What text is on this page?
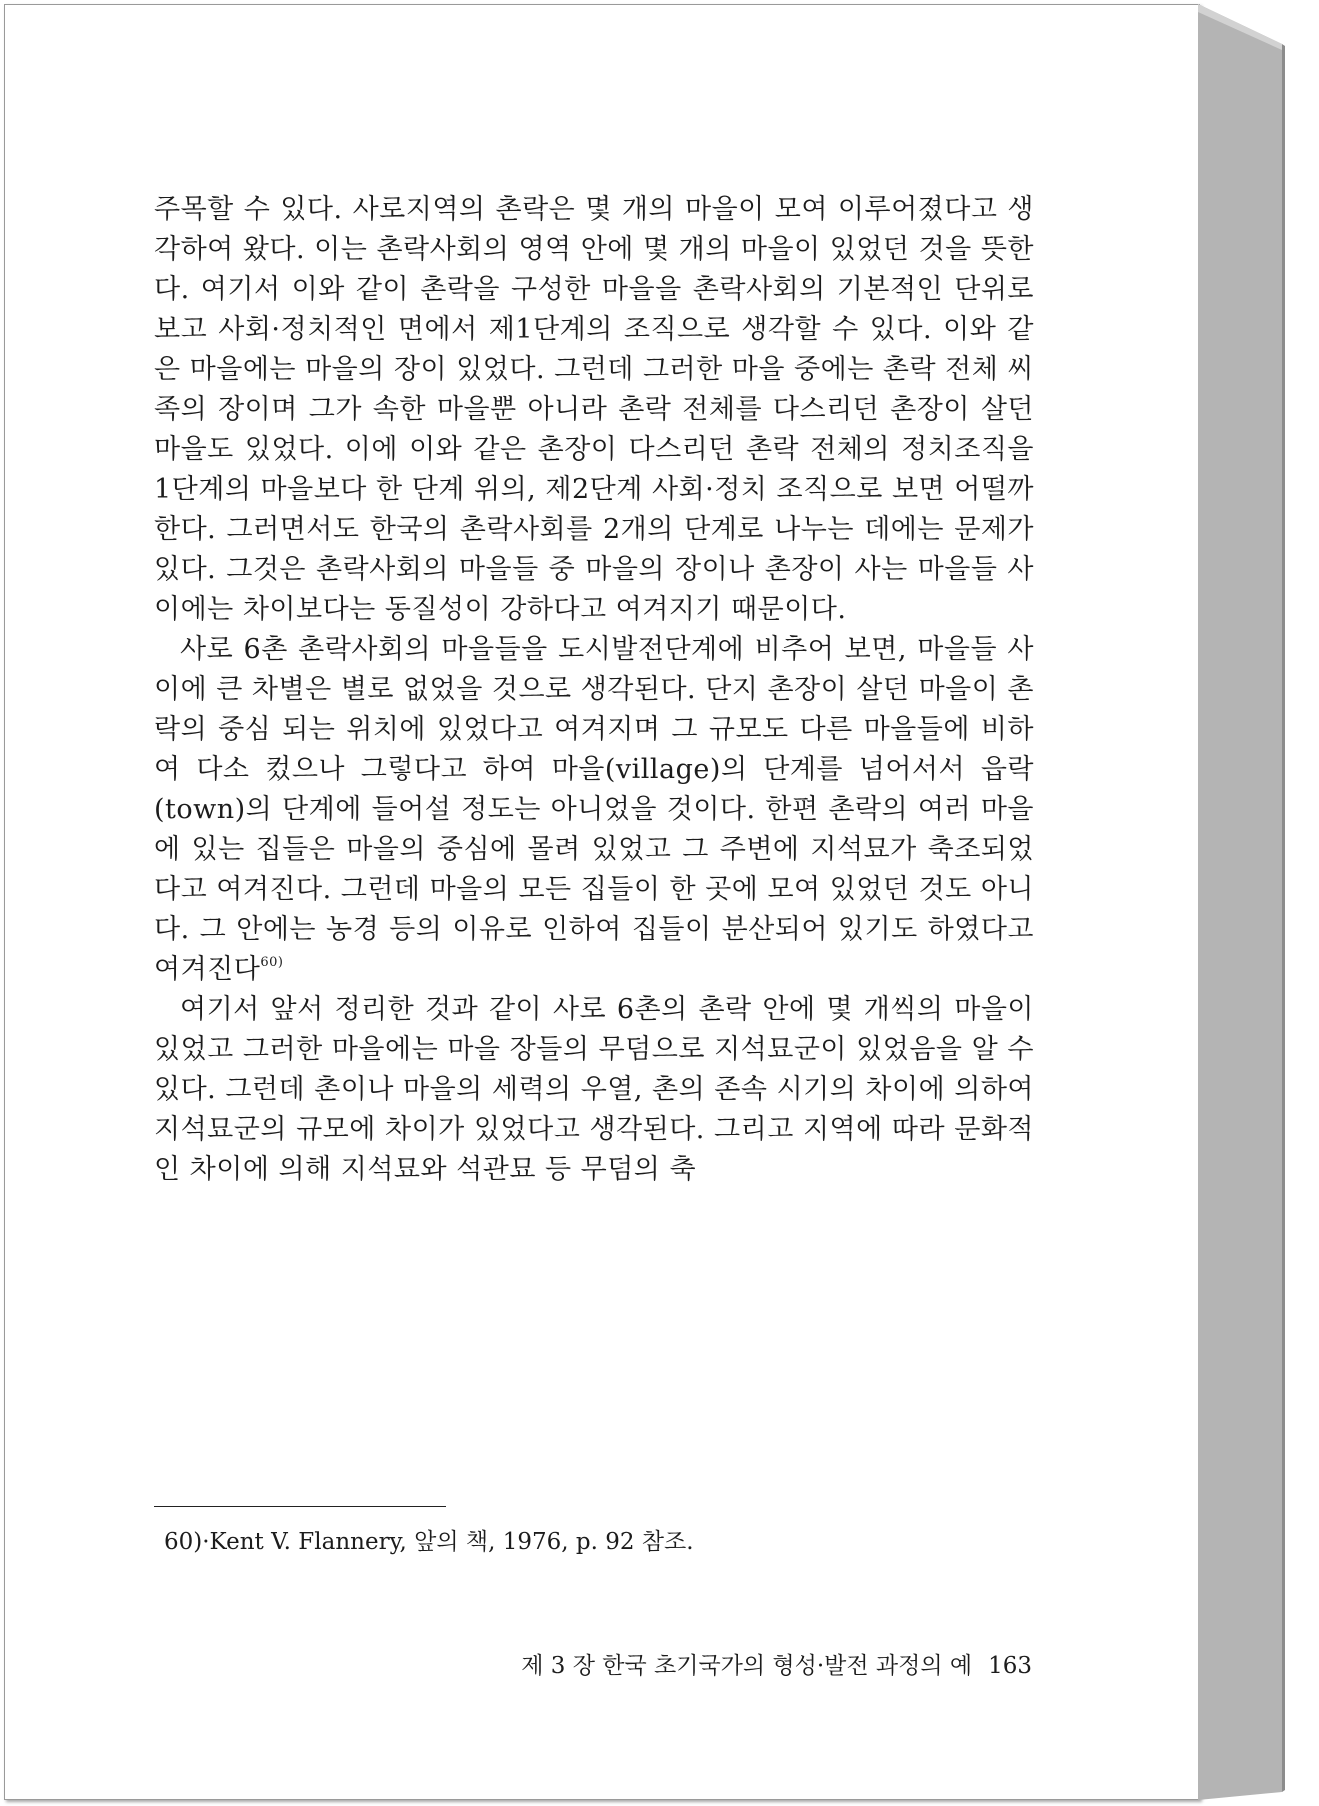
주목할 수 있다. 사로지역의 촌락은 몇 개의 마을이 모여 이루어졌다고 생각하여 왔다. 이는 촌락사회의 영역 안에 몇 개의 마을이 있었던 것을 뜻한다. 여기서 이와 같이 촌락을 구성한 마을을 촌락사회의 기본적인 단위로 보고 사회·정치적인 면에서 제1단계의 조직으로 생각할 수 있다. 이와 같은 마을에는 마을의 장이 있었다. 그런데 그러한 마을 중에는 촌락 전체 씨족의 장이며 그가 속한 마을뿐 아니라 촌락 전체를 다스리던 촌장이 살던 마을도 있었다. 이에 이와 같은 촌장이 다스리던 촌락 전체의 정치조직을 1단계의 마을보다 한 단계 위의, 제2단계 사회·정치 조직으로 보면 어떨까 한다. 그러면서도 한국의 촌락사회를 2개의 단계로 나누는 데에는 문제가 있다. 그것은 촌락사회의 마을들 중 마을의 장이나 촌장이 사는 마을들 사이에는 차이보다는 동질성이 강하다고 여겨지기 때문이다.

사로 6촌 촌락사회의 마을들을 도시발전단계에 비추어 보면, 마을들 사이에 큰 차별은 별로 없었을 것으로 생각된다. 단지 촌장이 살던 마을이 촌락의 중심 되는 위치에 있었다고 여겨지며 그 규모도 다른 마을들에 비하여 다소 컸으나 그렇다고 하여 마을(village)의 단계를 넘어서서 읍락(town)의 단계에 들어설 정도는 아니었을 것이다. 한편 촌락의 여러 마을에 있는 집들은 마을의 중심에 몰려 있었고 그 주변에 지석묘가 축조되었다고 여겨진다. 그런데 마을의 모든 집들이 한 곳에 모여 있었던 것도 아니다. 그 안에는 농경 등의 이유로 인하여 집들이 분산되어 있기도 하였다고 여겨진다$^{60)}$

여기서 앞서 정리한 것과 같이 사로 6촌의 촌락 안에 몇 개씩의 마을이 있었고 그러한 마을에는 마을 장들의 무덤으로 지석묘군이 있었음을 알 수 있다. 그런데 촌이나 마을의 세력의 우열, 촌의 존속 시기의 차이에 의하여 지석묘군의 규모에 차이가 있었다고 생각된다. 그리고 지역에 따라 문화적인 차이에 의해 지석묘와 석관묘 등 무덤의 축

60)·Kent V. Flannery, 앞의 책, 1976, p. 92 참조.
제 3 장 한국 초기국가의 형성·발전 과정의 예 163
